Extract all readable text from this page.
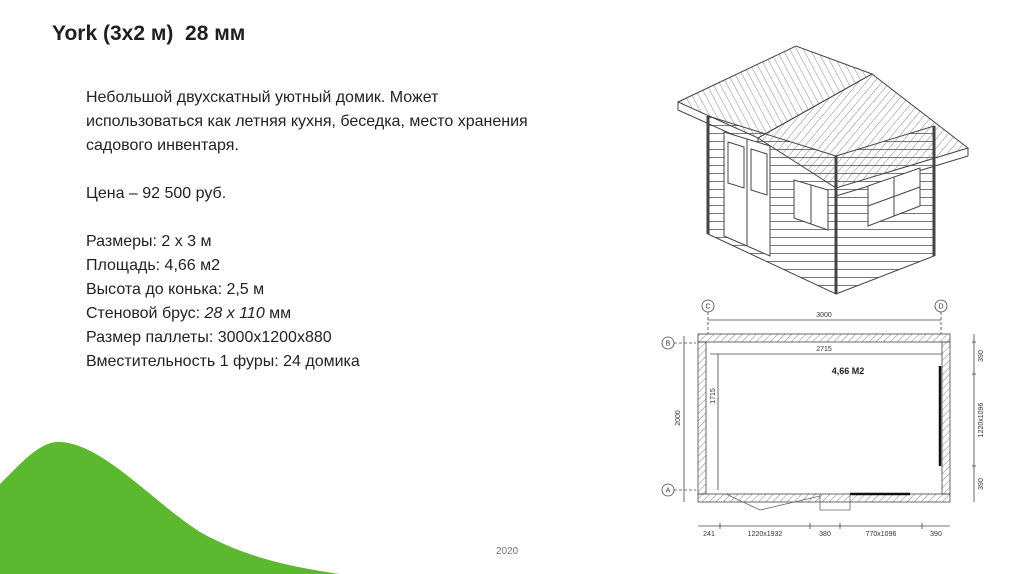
York (3x2 м)  28 мм

Небольшой двухскатный уютный домик. Может использоваться как летняя кухня, беседка, место хранения садового инвентаря.

Цена – 92 500 руб.

Размеры: 2 х 3 м

Площадь: 4,66 м2

Высота до конька: 2,5 м

Стеновой брус: 28 x 110 мм

Размер паллеты: 3000х1200х880

Вместительность 1 фуры: 24 домика

C	D
B
A
3000
2715
2000
1715
390
1220x1096
390
241	1220x1932	380	770x1096	390
4,66 М2
2020
